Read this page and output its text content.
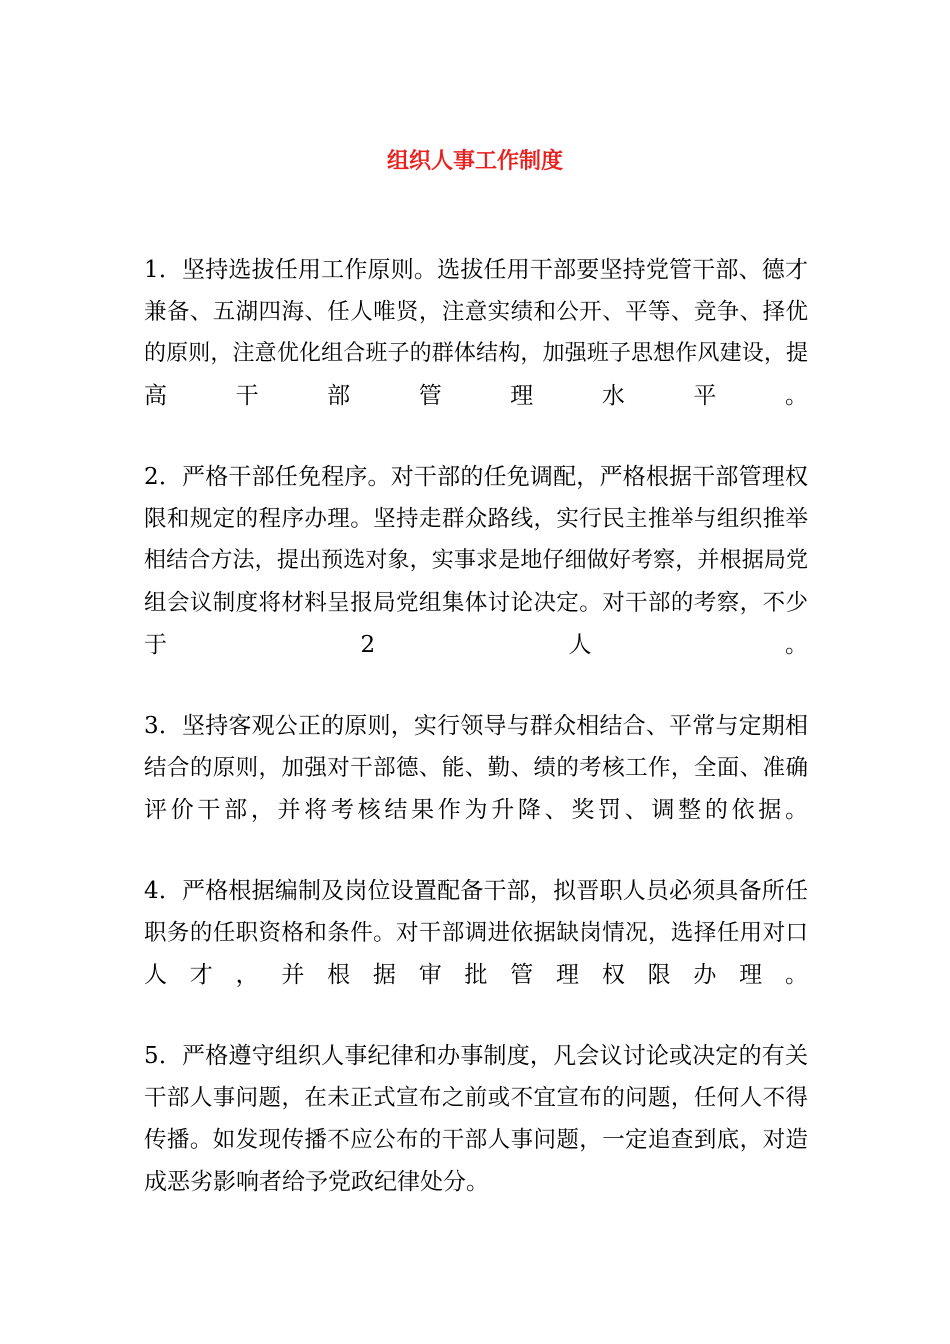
组织人事工作制度
1．坚持选拔任用工作原则。选拔任用干部要坚持党管干部、德才
兼备、五湖四海、任人唯贤，注意实绩和公开、平等、竞争、择优
的原则，注意优化组合班子的群体结构，加强班子思想作风建设，提
高	干	部	管	理	水	平	。
2．严格干部任免程序。对干部的任免调配，严格根据干部管理权
限和规定的程序办理。坚持走群众路线，实行民主推举与组织推举
相结合方法，提出预选对象，实事求是地仔细做好考察，并根据局党
组会议制度将材料呈报局党组集体讨论决定。对干部的考察，不少
于	2	人	。
3．坚持客观公正的原则，实行领导与群众相结合、平常与定期相
结合的原则，加强对干部德、能、勤、绩的考核工作，全面、准确
评价干部，并将考核结果作为升降、奖罚、调整的依据。
4．严格根据编制及岗位设置配备干部，拟晋职人员必须具备所任
职务的任职资格和条件。对干部调进依据缺岗情况，选择任用对口
人 才 ， 并 根 据 审 批 管 理 权 限 办 理 。
5．严格遵守组织人事纪律和办事制度，凡会议讨论或决定的有关
干部人事问题，在未正式宣布之前或不宜宣布的问题，任何人不得
传播。如发现传播不应公布的干部人事问题，一定追查到底，对造
成恶劣影响者给予党政纪律处分。
